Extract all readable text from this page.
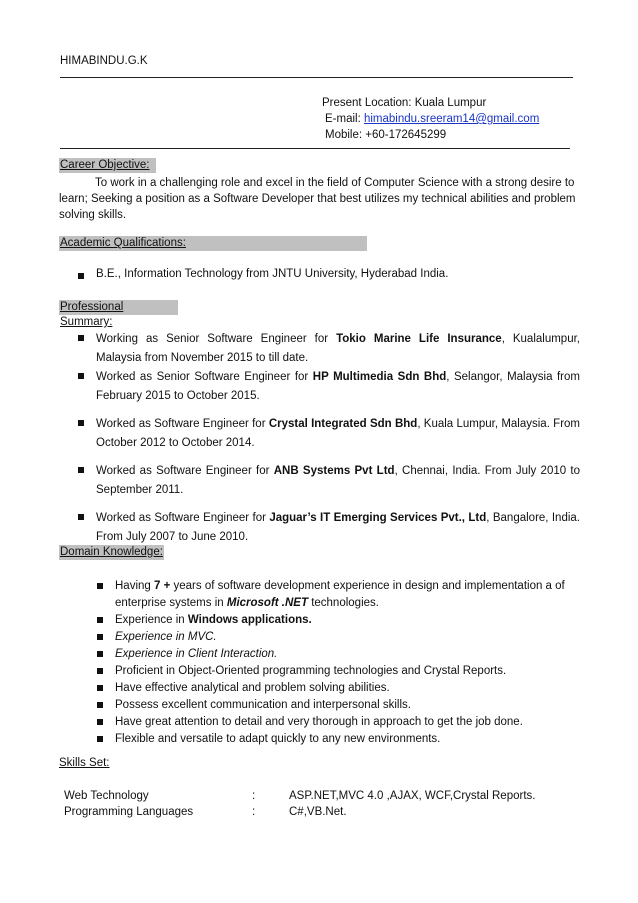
HIMABINDU.G.K
Present Location: Kuala Lumpur
E-mail: himabindu.sreeram14@gmail.com
Mobile: +60-172645299
Career Objective:
To work in a challenging role and excel in the field of Computer Science with a strong desire to learn; Seeking a position as a Software Developer that best utilizes my technical abilities and problem solving skills.
Academic Qualifications:
B.E., Information Technology from JNTU University, Hyderabad India.
Professional Summary:
Working as Senior Software Engineer for Tokio Marine Life Insurance, Kualalumpur, Malaysia from November 2015 to till date.
Worked as Senior Software Engineer for HP Multimedia Sdn Bhd, Selangor, Malaysia from February 2015 to October 2015.
Worked as Software Engineer for Crystal Integrated Sdn Bhd, Kuala Lumpur, Malaysia. From October 2012 to October 2014.
Worked as Software Engineer for ANB Systems Pvt Ltd, Chennai, India. From July 2010 to September 2011.
Worked as Software Engineer for Jaguar’s IT Emerging Services Pvt., Ltd, Bangalore, India. From July 2007 to June 2010.
Domain Knowledge:
Having 7 + years of software development experience in design and implementation a of enterprise systems in Microsoft .NET technologies.
Experience in Windows applications.
Experience in MVC.
Experience in Client Interaction.
Proficient in Object-Oriented programming technologies and Crystal Reports.
Have effective analytical and problem solving abilities.
Possess excellent communication and interpersonal skills.
Have great attention to detail and very thorough in approach to get the job done.
Flexible and versatile to adapt quickly to any new environments.
Skills Set:
Web Technology	:	ASP.NET,MVC 4.0 ,AJAX, WCF,Crystal Reports.
Programming Languages	:	C#,VB.Net.
